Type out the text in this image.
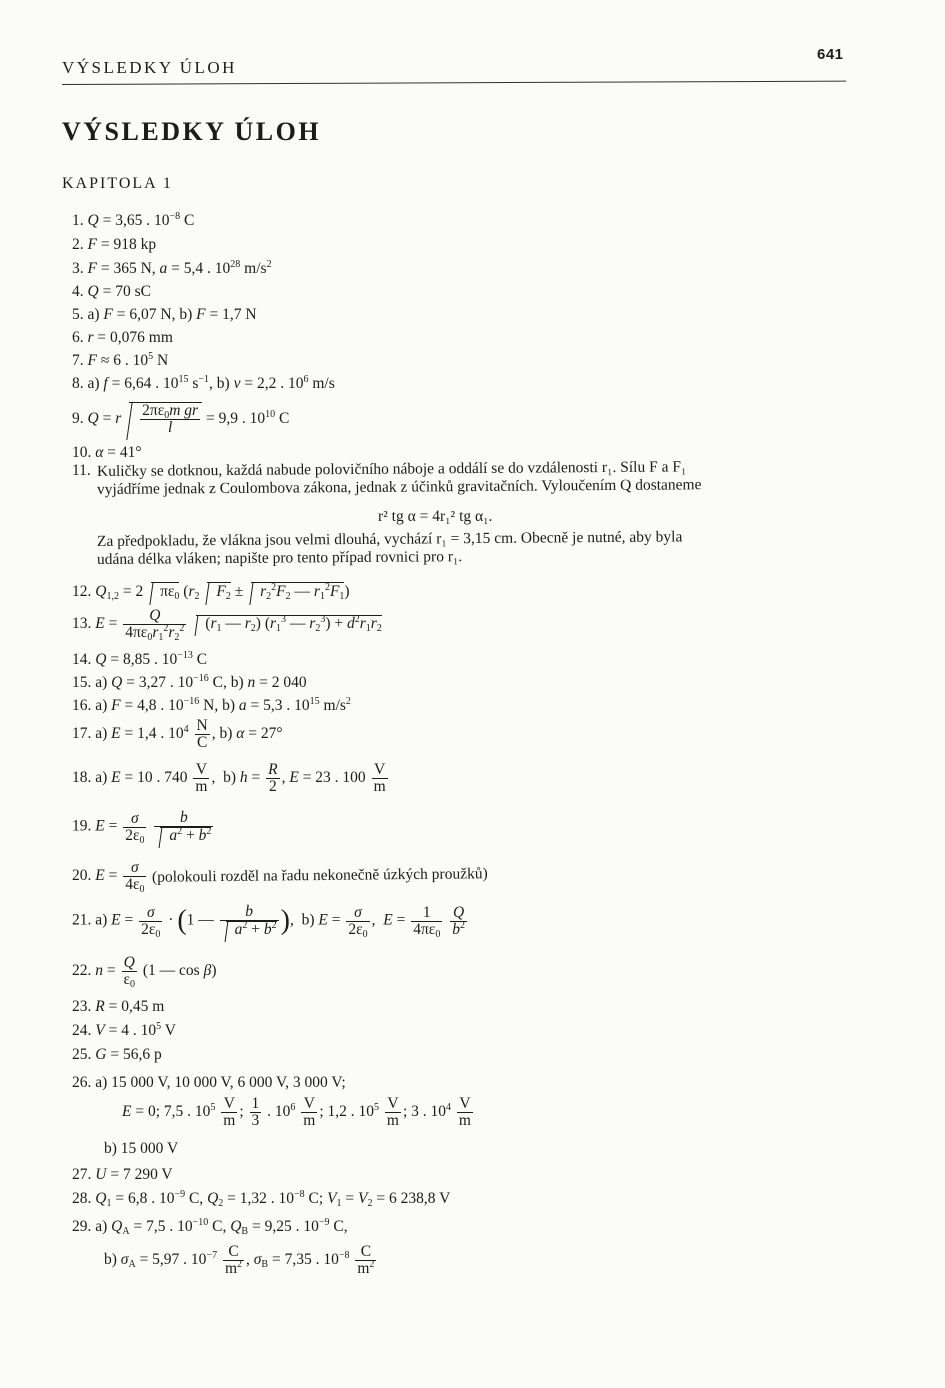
VÝSLEDKY ÚLOH
641
VÝSLEDKY ÚLOH
KAPITOLA 1
1. Q = 3,65 . $10^{-8}$ C
2. F = 918 kp
3. F = 365 N, a = 5,4 . $10^{28}$ $m/s^2$
4. Q = 70 sC
5. a) F = 6,07 N, b) F = 1,7 N
6. r = 0,076 mm
7. F ≈ 6 . $10^5$ N
8. a) f = 6,64 . $10^{15}$ $s^{-1}$, b) v = 2,2 . $10^6$ m/s
9. Q = r $\frac{2\pi\varepsilon_0m gr}{l} = 9,9$ . $10^{10}$ C
10. α = 41°
11. Kuličky se dotknou, každá nabude polovičního náboje a oddálí se do vzdálenosti r₁. Sílu F a F₁
vyjádříme jednak z Coulombova zákona, jednak z účinků gravitačních. Vyloučením Q dostaneme
r² tg α = 4r₁² tg α₁.
Za předpokladu, že vlákna jsou velmi dlouhá, vychází r₁ = 3,15 cm. Obecně je nutné, aby byla
udána délka vláken; napište pro tento případ rovnici pro r₁.
12. $Q_{1,2} = 2$ $\pi\varepsilon_0$ ($r_2$ $F_2 \pm r_2^2F_2$ — $r_1^2F_1$)
13. $E = \frac{Q}{4\pi\varepsilon_0r_1^2r_2^2} (r_1$ — $r_2$) ($r_1^3$ — $r_2^3) + d^2r_1r_2$
14. Q = 8,85 . $10^{-13}$ C
15. a) Q = 3,27 . $10^{-16}$ C, b) n = 2 040
16. a) F = 4,8 . $10^{-16}$ N, b) a = 5,3 . $10^{15}$ $m/s^2$
17. a) E = 1,4 . $10^4 \frac{N}{C}$ , b) α = 27°
18. a) E = 10 . $740 \frac{V}{m}$ ,  b) $h = \frac{R}{2}$ , E = 23 . $100 \frac{V}{m}$
19. $E = \frac{\sigma}{2\varepsilon_0}$
$\frac{b}{a^2 + b^2}$
20. $E = \frac{\sigma}{4\varepsilon_0}$ (polokouli rozděl na řadu nekonečně úzkých proužků)
21. a) $E = \frac{\sigma}{2\varepsilon_0} \cdot (1$ — $\frac{b}{a^2 + b^2}$ ),  b) $E = \frac{\sigma}{2\varepsilon_0}$ ,  $E = \frac{1}{4\pi\varepsilon_0}$
$\frac{Q}{b^2}$
22. $n = \frac{Q}{\varepsilon_0} (1$ — cos β)
23. R = 0,45 m
24. V = 4 . $10^5$ V
25. G = 56,6 p
26. a) 15 000 V, 10 000 V, 6 000 V, 3 000 V;
E = 0; 7,5 . $10^5 \frac{V}{m}$ ; $\frac{1}{3}$ . $10^6 \frac{V}{m}$ ; 1,2 . $10^5 \frac{V}{m}$ ; 3 . $10^4 \frac{V}{m}$
b) 15 000 V
27. U = 7 290 V
28. $Q_1 = 6,8$ . $10^{-9}$ C, $Q_2 = 1,32$ . $10^{-8}$ C; $V_1 = V_2 = 6$ 238,8 V
29. a) $Q_A = 7,5$ . $10^{-10}$ C, $Q_B = 9,25$ . $10^{-9}$ C,
b) $\sigma_A = 5,97$ . $10^{-7} \frac{C}{m^2}$ , $\sigma_B = 7,35$ . $10^{-8} \frac{C}{m^2}$
